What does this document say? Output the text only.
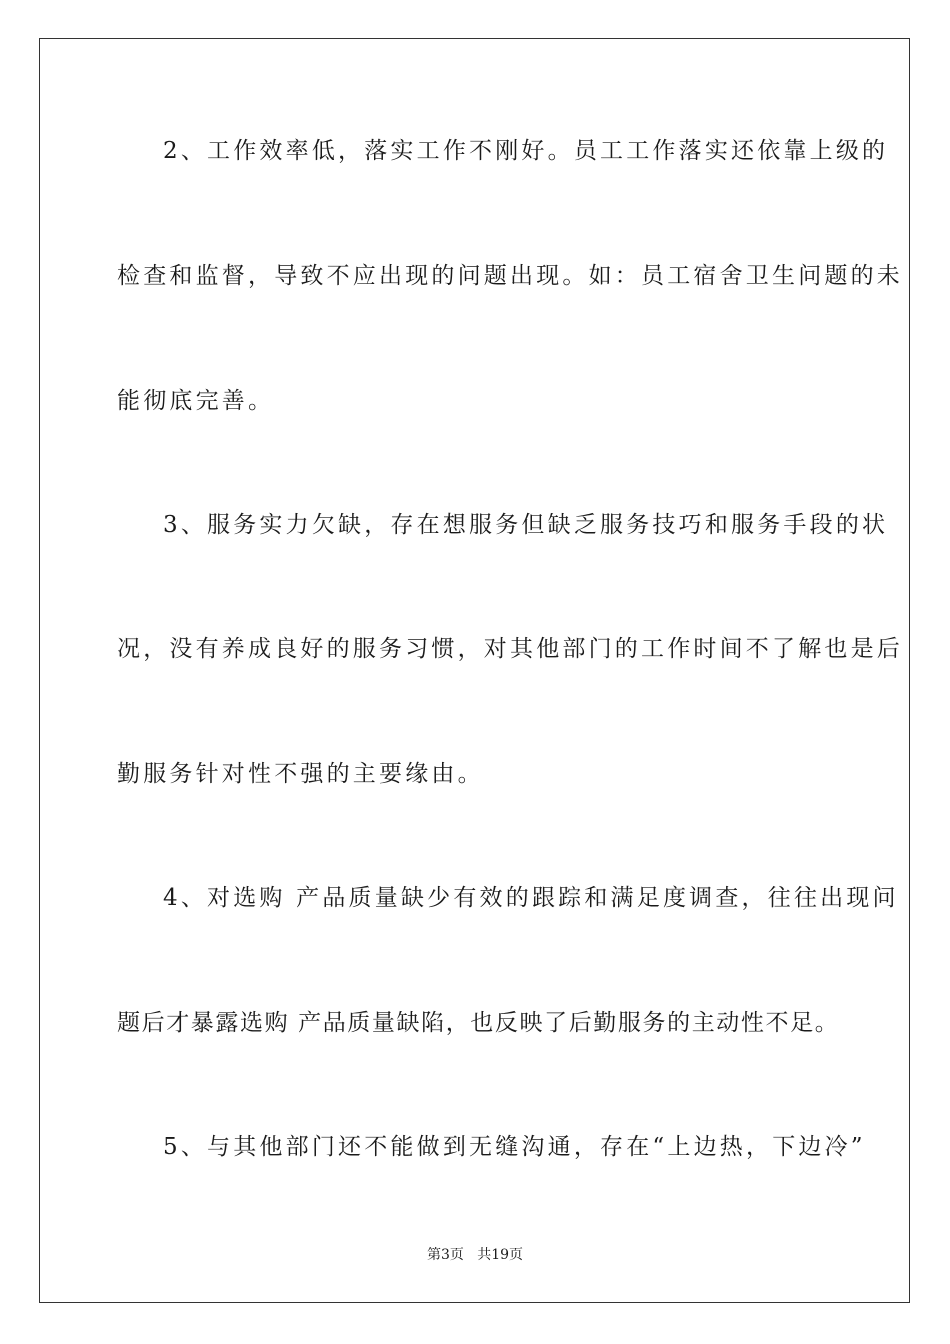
2、工作效率低，落实工作不刚好。员工工作落实还依靠上级的
检查和监督，导致不应出现的问题出现。如：员工宿舍卫生问题的未
能彻底完善。
3、服务实力欠缺，存在想服务但缺乏服务技巧和服务手段的状
况，没有养成良好的服务习惯，对其他部门的工作时间不了解也是后
勤服务针对性不强的主要缘由。
4、对选购 产品质量缺少有效的跟踪和满足度调查，往往出现问
题后才暴露选购 产品质量缺陷，也反映了后勤服务的主动性不足。
5、与其他部门还不能做到无缝沟通，存在“上边热，下边冷”
第3页   共19页
